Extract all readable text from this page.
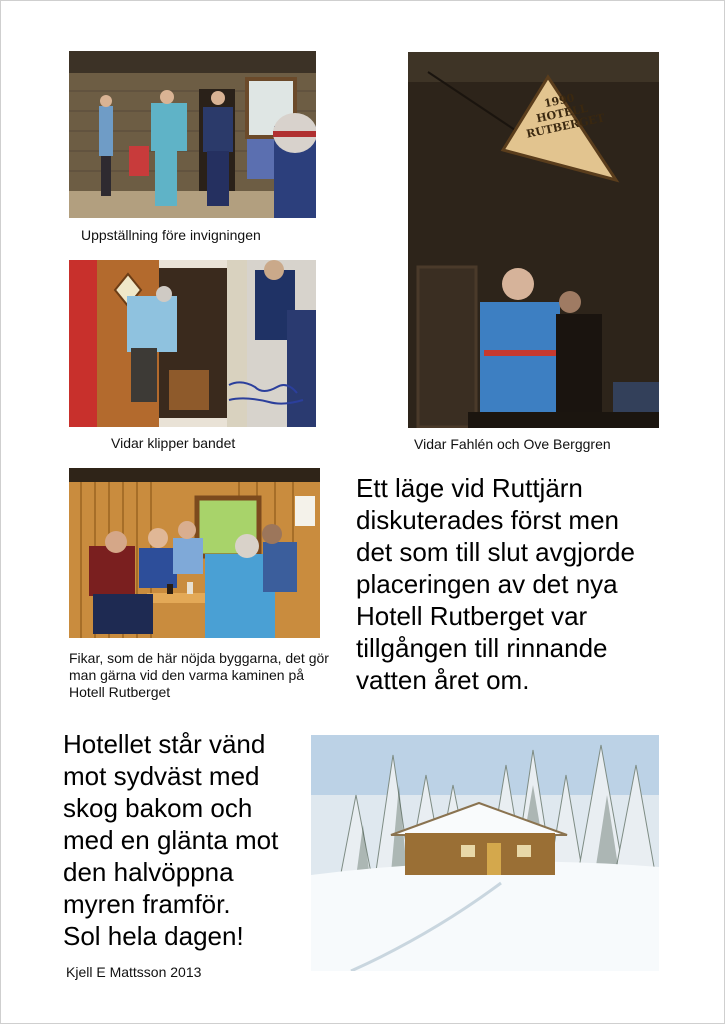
Uppställning före invigningen
Vidar klipper bandet
1990 HOTELL RUTBERGET
Vidar Fahlén och Ove Berggren
Fikar, som de här nöjda byggarna, det gör man gärna vid den varma kaminen på Hotell Rutberget
Ett läge vid Ruttjärn
diskuterades först men
det som till slut avgjorde
placeringen av det nya
Hotell Rutberget var
tillgången till rinnande
vatten året om.
Hotellet står vänd
mot sydväst med
skog bakom och
med en glänta mot
den halvöppna
myren framför.
Sol hela dagen!
Kjell E Mattsson 2013
